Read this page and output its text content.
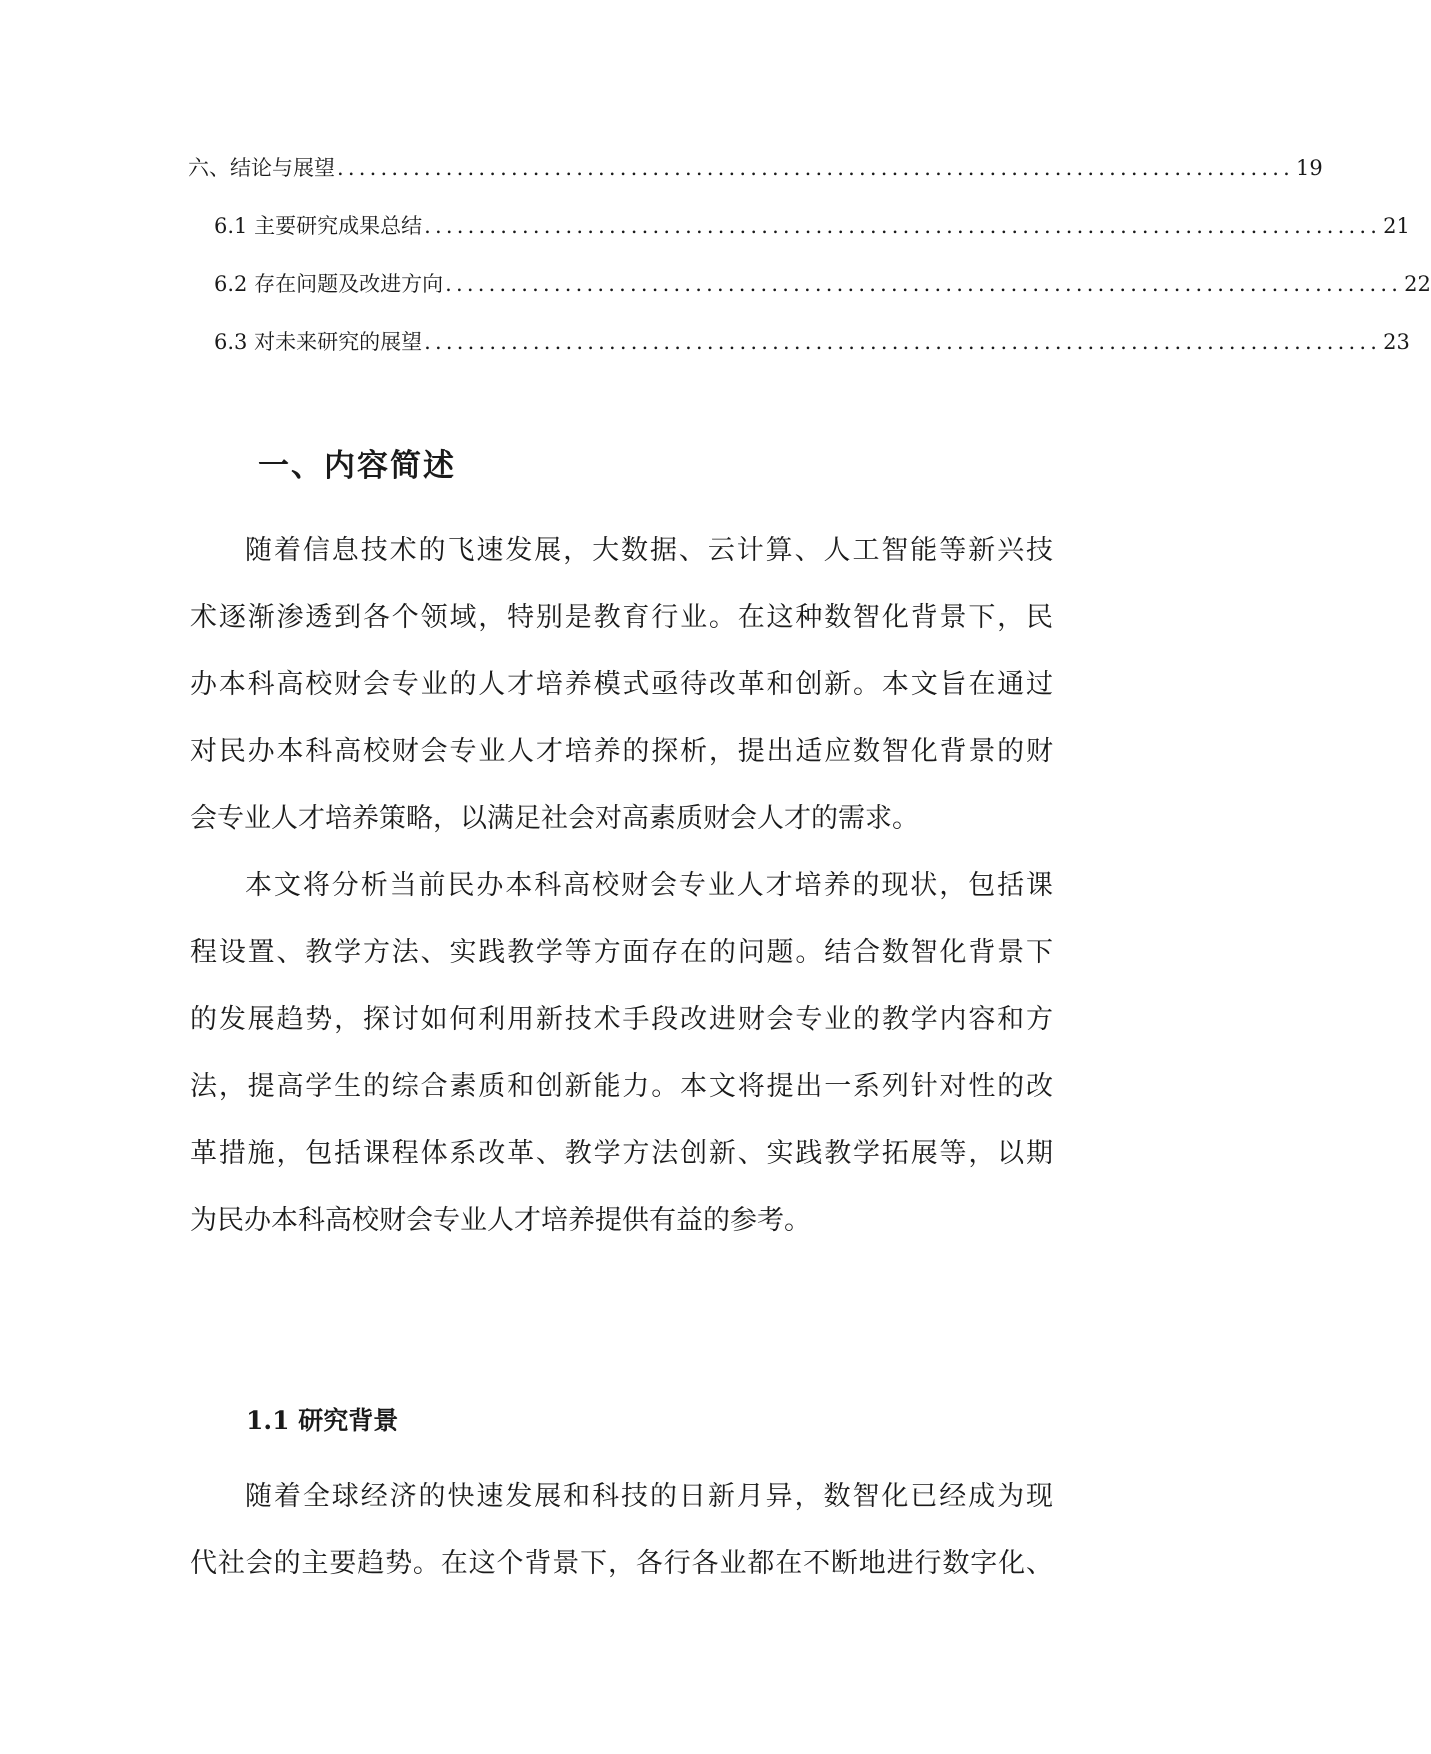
六、结论与展望 ........................................................................................ 19
6.1 主要研究成果总结 ........................................................................................ 21
6.2 存在问题及改进方向 ........................................................................................ 22
6.3 对未来研究的展望 ........................................................................................ 23
一、内容简述

随着信息技术的飞速发展，大数据、云计算、人工智能等新兴技

术逐渐渗透到各个领域，特别是教育行业。在这种数智化背景下，民

办本科高校财会专业的人才培养模式亟待改革和创新。本文旨在通过

对民办本科高校财会专业人才培养的探析，提出适应数智化背景的财

会专业人才培养策略，以满足社会对高素质财会人才的需求。

本文将分析当前民办本科高校财会专业人才培养的现状，包括课

程设置、教学方法、实践教学等方面存在的问题。结合数智化背景下

的发展趋势，探讨如何利用新技术手段改进财会专业的教学内容和方

法，提高学生的综合素质和创新能力。本文将提出一系列针对性的改

革措施，包括课程体系改革、教学方法创新、实践教学拓展等，以期

为民办本科高校财会专业人才培养提供有益的参考。

1.1 研究背景

随着全球经济的快速发展和科技的日新月异，数智化已经成为现

代社会的主要趋势。在这个背景下，各行各业都在不断地进行数字化、
